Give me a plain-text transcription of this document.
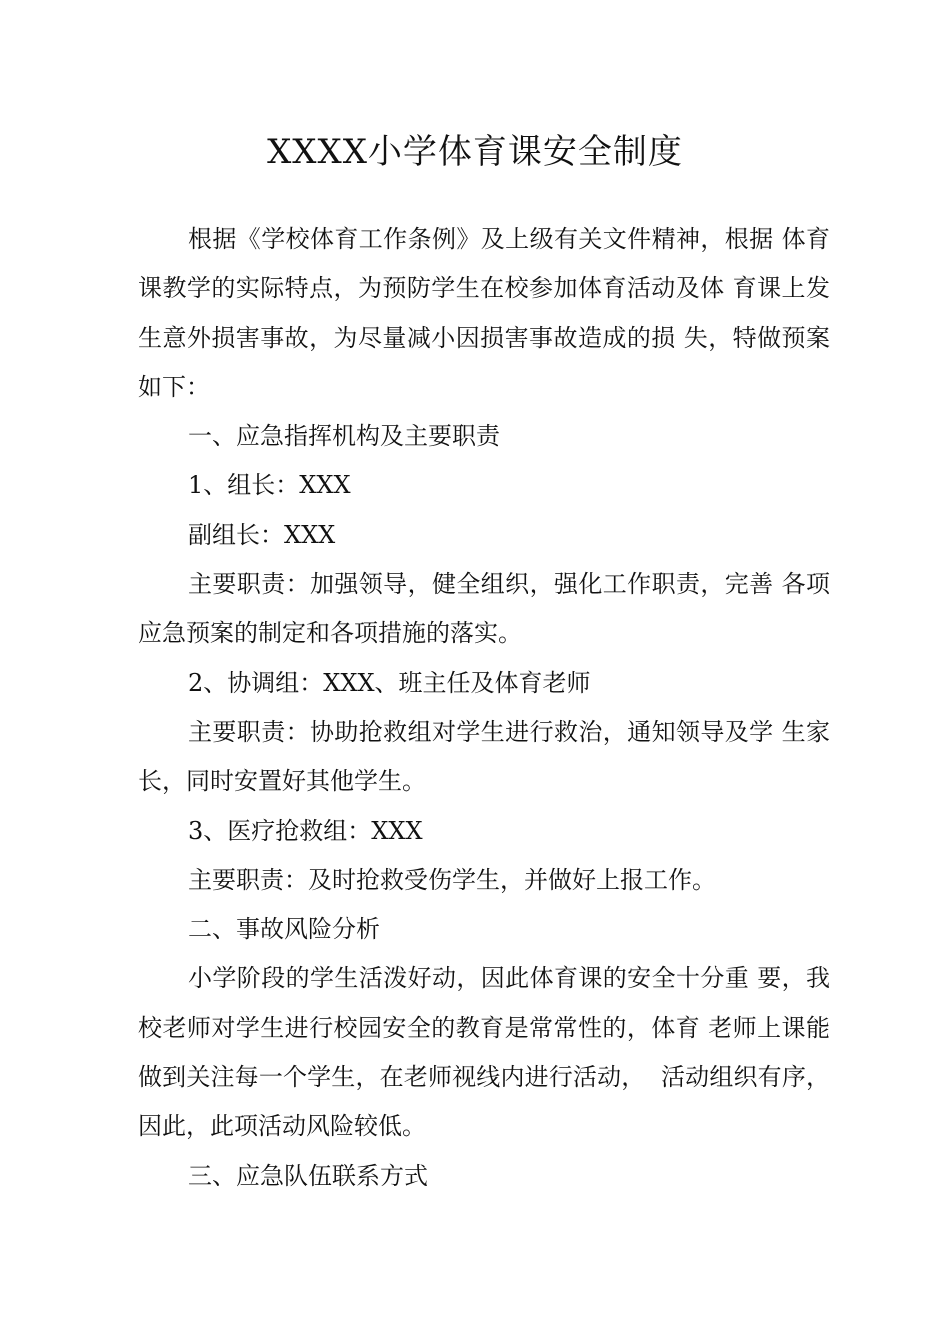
XXXX小学体育课安全制度

根据《学校体育工作条例》及上级有关文件精神，根据 体育课教学的实际特点，为预防学生在校参加体育活动及体 育课上发生意外损害事故，为尽量减小因损害事故造成的损 失，特做预案如下：

一、应急指挥机构及主要职责

1、组长：XXX

副组长：XXX

主要职责：加强领导，健全组织，强化工作职责，完善 各项应急预案的制定和各项措施的落实。

2、协调组：XXX、班主任及体育老师

主要职责：协助抢救组对学生进行救治，通知领导及学 生家长，同时安置好其他学生。

3、医疗抢救组：XXX

主要职责：及时抢救受伤学生，并做好上报工作。

二、事故风险分析

小学阶段的学生活泼好动，因此体育课的安全十分重 要，我校老师对学生进行校园安全的教育是常常性的，体育 老师上课能做到关注每一个学生，在老师视线内进行活动，  活动组织有序，因此，此项活动风险较低。

三、应急队伍联系方式
